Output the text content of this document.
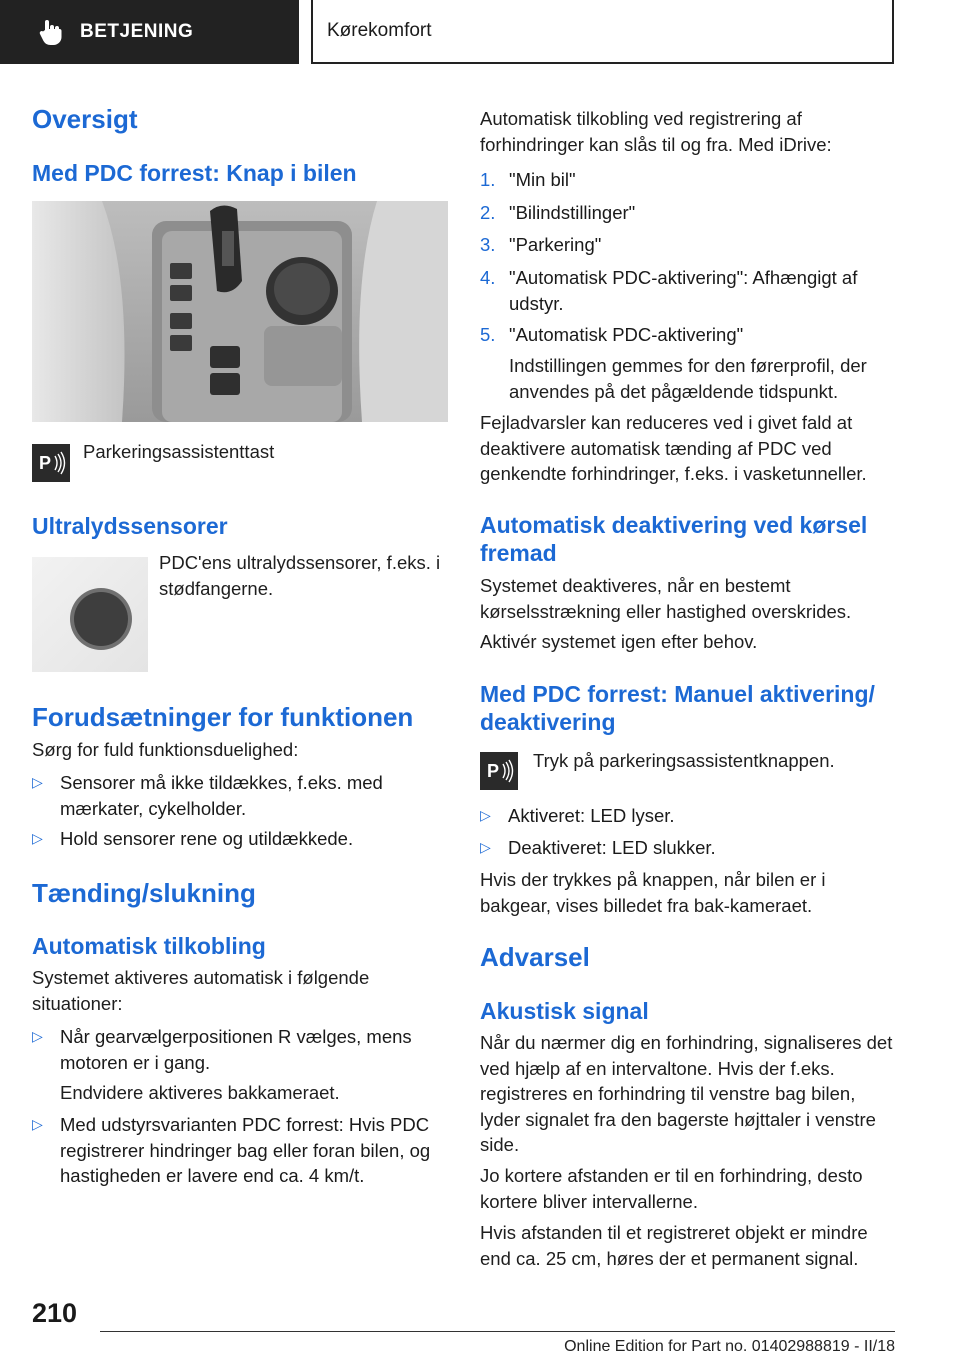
BETJENING	Kørekomfort
Oversigt
Med PDC forrest: Knap i bilen
P
Parkeringsassistenttast
Ultralydssensorer
PDC'ens ultralydssensorer, f.eks. i stødfangerne.
Forudsætninger for funktionen
Sørg for fuld funktionsduelighed:
▷ Sensorer må ikke tildækkes, f.eks. med mærkater, cykelholder.
▷ Hold sensorer rene og utildækkede.
Tænding/slukning
Automatisk tilkobling
Systemet aktiveres automatisk i følgende situationer:
▷ Når gearvælgerpositionen R vælges, mens motoren er i gang.
Endvidere aktiveres bakkameraet.
▷ Med udstyrsvarianten PDC forrest: Hvis PDC registrerer hindringer bag eller foran bilen, og hastigheden er lavere end ca. 4 km/t.
Automatisk tilkobling ved registrering af forhindringer kan slås til og fra. Med iDrive:
1. "Min bil"
2. "Bilindstillinger"
3. "Parkering"
4. "Automatisk PDC-aktivering": Afhængigt af udstyr.
5. "Automatisk PDC-aktivering"
Indstillingen gemmes for den førerprofil, der anvendes på det pågældende tidspunkt.
Fejladvarsler kan reduceres ved i givet fald at deaktivere automatisk tænding af PDC ved genkendte forhindringer, f.eks. i vasketunneller.
Automatisk deaktivering ved kørsel fremad
Systemet deaktiveres, når en bestemt kørselsstrækning eller hastighed overskrides.
Aktivér systemet igen efter behov.
Med PDC forrest: Manuel aktivering/ deaktivering
P Tryk på parkeringsassistentknappen.
▷ Aktiveret: LED lyser.
▷ Deaktiveret: LED slukker.
Hvis der trykkes på knappen, når bilen er i bakgear, vises billedet fra bak-kameraet.
Advarsel
Akustisk signal
Når du nærmer dig en forhindring, signaliseres det ved hjælp af en intervaltone. Hvis der f.eks. registreres en forhindring til venstre bag bilen, lyder signalet fra den bagerste højttaler i venstre side.
Jo kortere afstanden er til en forhindring, desto kortere bliver intervallerne.
Hvis afstanden til et registreret objekt er mindre end ca. 25 cm, høres der et permanent signal.
210
Online Edition for Part no. 01402988819 - II/18
